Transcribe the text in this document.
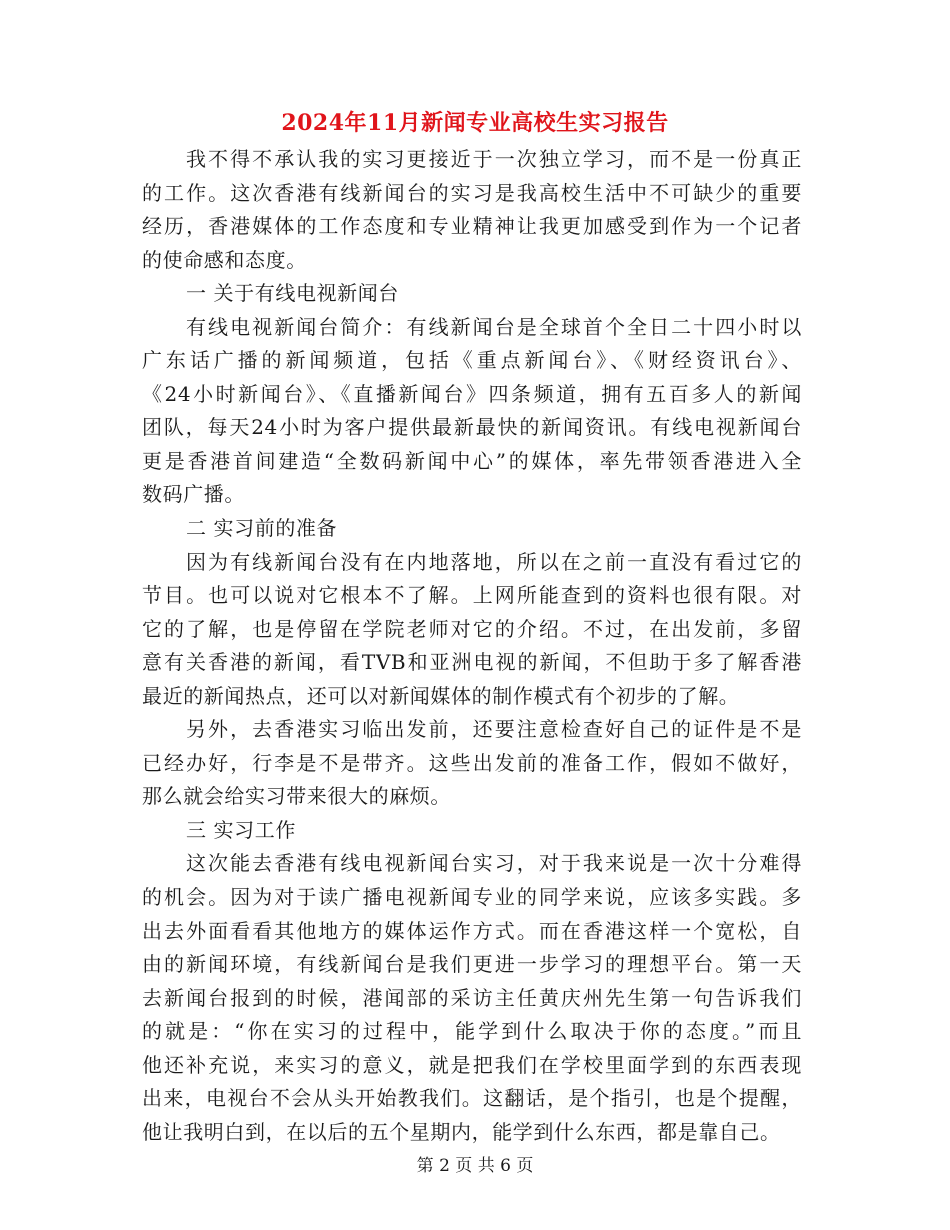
2024年11月新闻专业高校生实习报告
我不得不承认我的实习更接近于一次独立学习，而不是一份真正
的工作。这次香港有线新闻台的实习是我高校生活中不可缺少的重要
经历，香港媒体的工作态度和专业精神让我更加感受到作为一个记者
的使命感和态度。
一 关于有线电视新闻台
有线电视新闻台简介：有线新闻台是全球首个全日二十四小时以
广东话广播的新闻频道，包括《重点新闻台》、《财经资讯台》、
《24小时新闻台》、《直播新闻台》四条频道，拥有五百多人的新闻
团队，每天24小时为客户提供最新最快的新闻资讯。有线电视新闻台
更是香港首间建造“全数码新闻中心”的媒体，率先带领香港进入全
数码广播。
二 实习前的准备
因为有线新闻台没有在内地落地，所以在之前一直没有看过它的
节目。也可以说对它根本不了解。上网所能查到的资料也很有限。对
它的了解，也是停留在学院老师对它的介绍。不过，在出发前，多留
意有关香港的新闻，看TVB和亚洲电视的新闻，不但助于多了解香港
最近的新闻热点，还可以对新闻媒体的制作模式有个初步的了解。
另外，去香港实习临出发前，还要注意检查好自己的证件是不是
已经办好，行李是不是带齐。这些出发前的准备工作，假如不做好，
那么就会给实习带来很大的麻烦。
三 实习工作
这次能去香港有线电视新闻台实习，对于我来说是一次十分难得
的机会。因为对于读广播电视新闻专业的同学来说，应该多实践。多
出去外面看看其他地方的媒体运作方式。而在香港这样一个宽松，自
由的新闻环境，有线新闻台是我们更进一步学习的理想平台。第一天
去新闻台报到的时候，港闻部的采访主任黄庆州先生第一句告诉我们
的就是：“你在实习的过程中，能学到什么取决于你的态度。”而且
他还补充说，来实习的意义，就是把我们在学校里面学到的东西表现
出来，电视台不会从头开始教我们。这翻话，是个指引，也是个提醒，
他让我明白到，在以后的五个星期内，能学到什么东西，都是靠自己。
第 2 页 共 6 页
